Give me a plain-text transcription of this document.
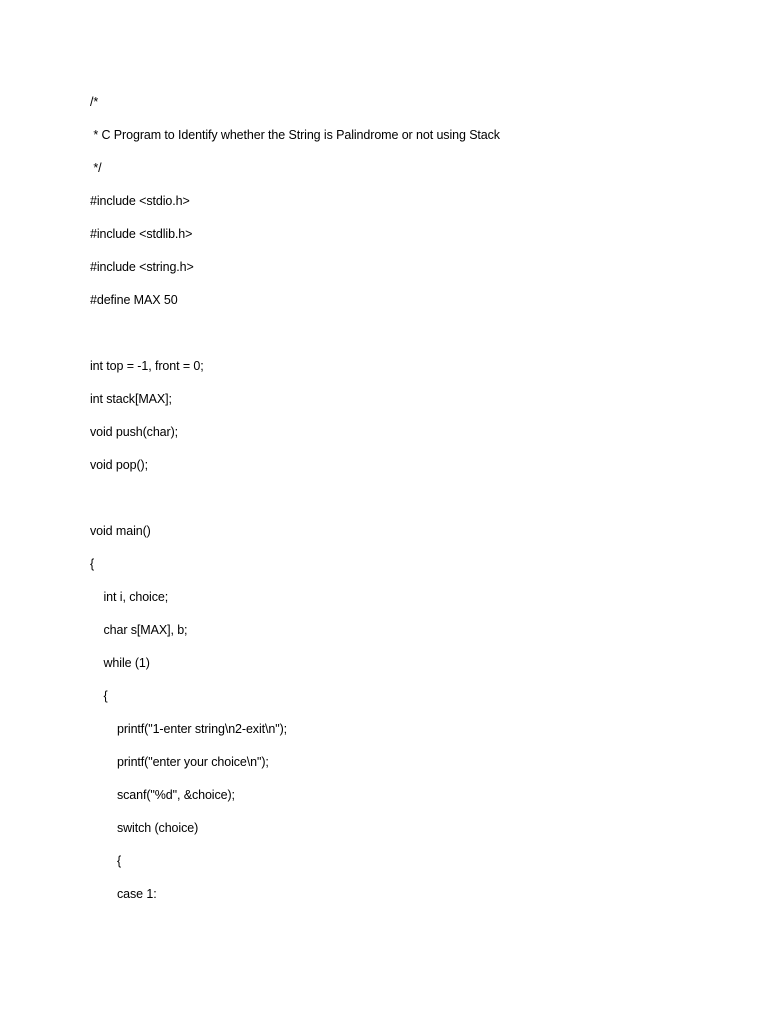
/*
* C Program to Identify whether the String is Palindrome or not using Stack
*/
#include <stdio.h>
#include <stdlib.h>
#include <string.h>
#define MAX 50
int top = -1, front = 0;
int stack[MAX];
void push(char);
void pop();
void main()
{
int i, choice;
char s[MAX], b;
while (1)
{
printf("1-enter string\n2-exit\n");
printf("enter your choice\n");
scanf("%d", &choice);
switch (choice)
{
case 1:
